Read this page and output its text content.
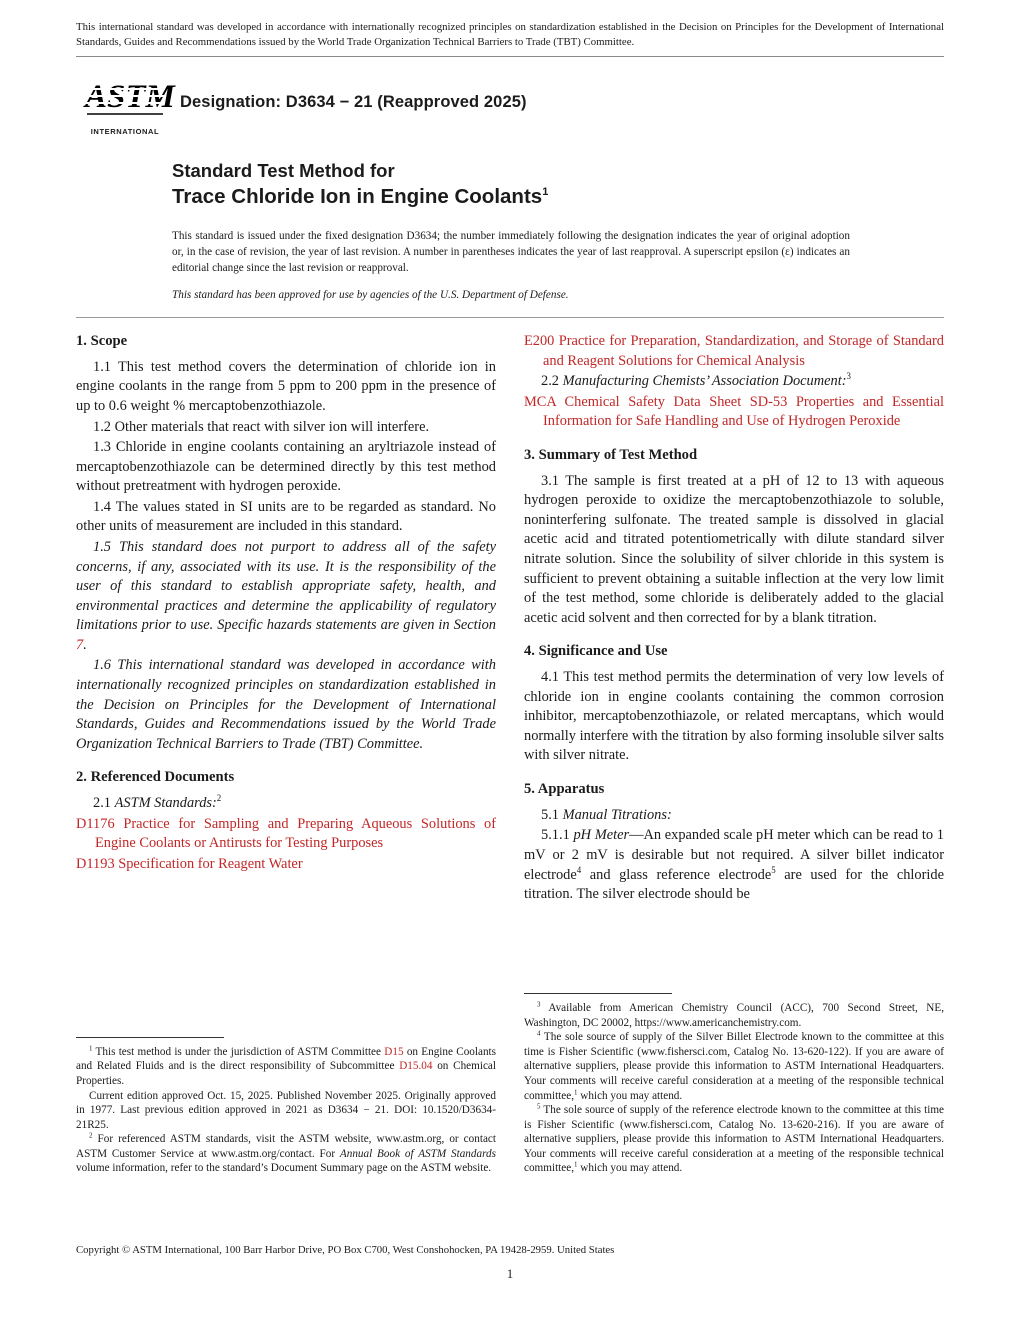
This international standard was developed in accordance with internationally recognized principles on standardization established in the Decision on Principles for the Development of International Standards, Guides and Recommendations issued by the World Trade Organization Technical Barriers to Trade (TBT) Committee.
ASTM
INTERNATIONAL
Designation: D3634 − 21 (Reapproved 2025)
Standard Test Method for
Trace Chloride Ion in Engine Coolants$^1$
This standard is issued under the fixed designation D3634; the number immediately following the designation indicates the year of original adoption or, in the case of revision, the year of last revision. A number in parentheses indicates the year of last reapproval. A superscript epsilon (ε) indicates an editorial change since the last revision or reapproval.
This standard has been approved for use by agencies of the U.S. Department of Defense.
1. Scope

1.1 This test method covers the determination of chloride ion in engine coolants in the range from 5 ppm to 200 ppm in the presence of up to 0.6 weight % mercaptobenzothiazole.

1.2 Other materials that react with silver ion will interfere.

1.3 Chloride in engine coolants containing an aryltriazole instead of mercaptobenzothiazole can be determined directly by this test method without pretreatment with hydrogen peroxide.

1.4 The values stated in SI units are to be regarded as standard. No other units of measurement are included in this standard.

1.5 This standard does not purport to address all of the safety concerns, if any, associated with its use. It is the responsibility of the user of this standard to establish appropriate safety, health, and environmental practices and determine the applicability of regulatory limitations prior to use. Specific hazards statements are given in Section 7.

1.6 This international standard was developed in accordance with internationally recognized principles on standardization established in the Decision on Principles for the Development of International Standards, Guides and Recommendations issued by the World Trade Organization Technical Barriers to Trade (TBT) Committee.

2. Referenced Documents

2.1 ASTM Standards:$^2$

D1176 Practice for Sampling and Preparing Aqueous Solutions of Engine Coolants or Antirusts for Testing Purposes

D1193 Specification for Reagent Water

$^1$ This test method is under the jurisdiction of ASTM Committee D15 on Engine Coolants and Related Fluids and is the direct responsibility of Subcommittee D15.04 on Chemical Properties.

Current edition approved Oct. 15, 2025. Published November 2025. Originally approved in 1977. Last previous edition approved in 2021 as D3634 − 21. DOI: 10.1520/D3634-21R25.

$^2$ For referenced ASTM standards, visit the ASTM website, www.astm.org, or contact ASTM Customer Service at www.astm.org/contact. For Annual Book of ASTM Standards volume information, refer to the standard’s Document Summary page on the ASTM website.

E200 Practice for Preparation, Standardization, and Storage of Standard and Reagent Solutions for Chemical Analysis

2.2 Manufacturing Chemists’ Association Document:$^3$

MCA Chemical Safety Data Sheet SD-53 Properties and Essential Information for Safe Handling and Use of Hydrogen Peroxide

3. Summary of Test Method

3.1 The sample is first treated at a pH of 12 to 13 with aqueous hydrogen peroxide to oxidize the mercaptobenzothiazole to soluble, noninterfering sulfonate. The treated sample is dissolved in glacial acetic acid and titrated potentiometrically with dilute standard silver nitrate solution. Since the solubility of silver chloride in this system is sufficient to prevent obtaining a suitable inflection at the very low limit of the test method, some chloride is deliberately added to the glacial acetic acid solvent and then corrected for by a blank titration.

4. Significance and Use

4.1 This test method permits the determination of very low levels of chloride ion in engine coolants containing the common corrosion inhibitor, mercaptobenzothiazole, or related mercaptans, which would normally interfere with the titration by also forming insoluble silver salts with silver nitrate.

5. Apparatus

5.1 Manual Titrations:

5.1.1 pH Meter—An expanded scale pH meter which can be read to 1 mV or 2 mV is desirable but not required. A silver billet indicator electrode$^4$ and glass reference electrode$^5$ are used for the chloride titration. The silver electrode should be

$^3$ Available from American Chemistry Council (ACC), 700 Second Street, NE, Washington, DC 20002, https://www.americanchemistry.com.

$^4$ The sole source of supply of the Silver Billet Electrode known to the committee at this time is Fisher Scientific (www.fishersci.com, Catalog No. 13-620-122). If you are aware of alternative suppliers, please provide this information to ASTM International Headquarters. Your comments will receive careful consideration at a meeting of the responsible technical committee,$^1$ which you may attend.

$^5$ The sole source of supply of the reference electrode known to the committee at this time is Fisher Scientific (www.fishersci.com, Catalog No. 13-620-216). If you are aware of alternative suppliers, please provide this information to ASTM International Headquarters. Your comments will receive careful consideration at a meeting of the responsible technical committee,$^1$ which you may attend.

Copyright © ASTM International, 100 Barr Harbor Drive, PO Box C700, West Conshohocken, PA 19428-2959. United States
1
